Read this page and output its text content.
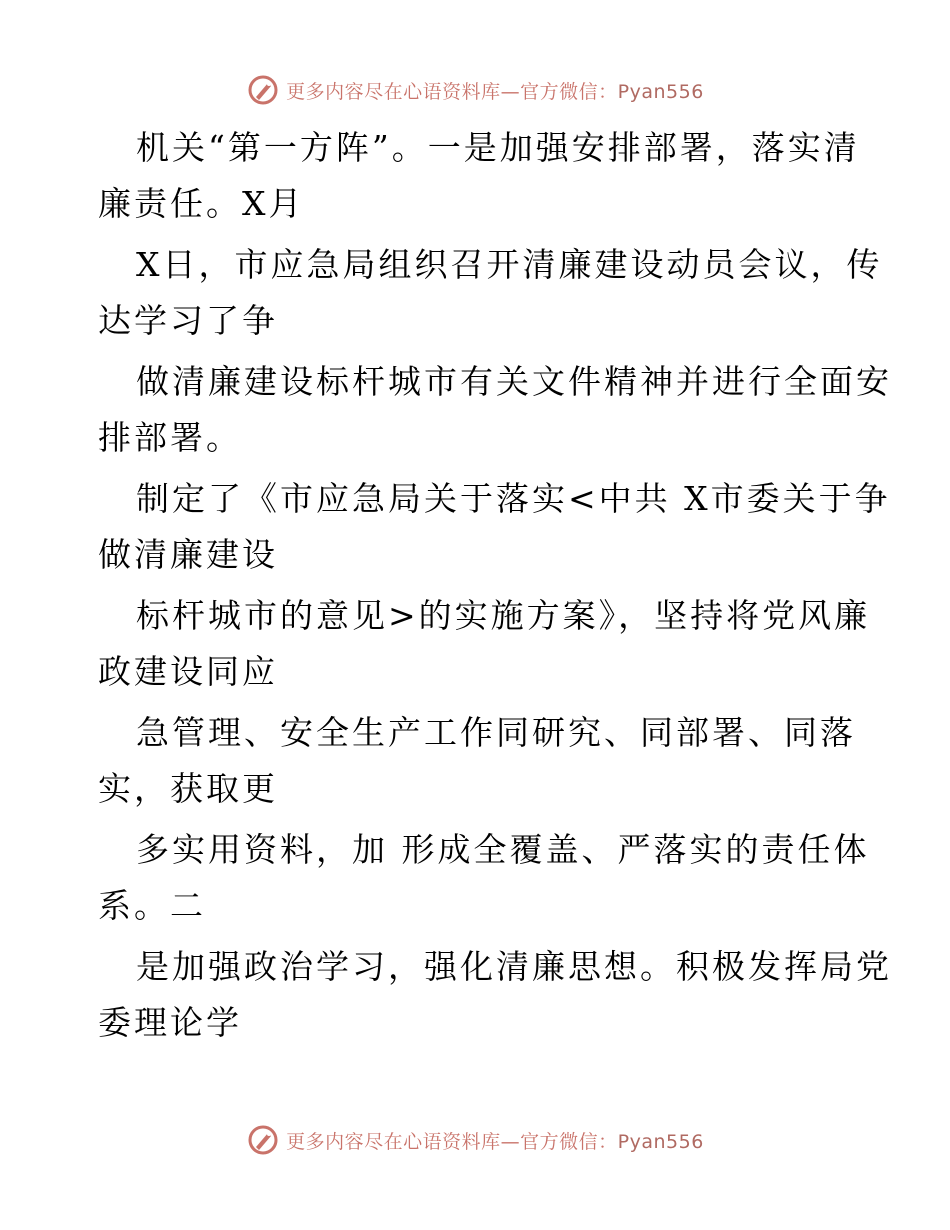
更多内容尽在心语资料库—官方微信：Pyan556
机关“第一方阵”。一是加强安排部署，落实清
廉责任。X月
X日，市应急局组织召开清廉建设动员会议，传
达学习了争
做清廉建设标杆城市有关文件精神并进行全面安
排部署。
制定了《市应急局关于落实<中共 X市委关于争
做清廉建设
标杆城市的意见>的实施方案》，坚持将党风廉
政建设同应
急管理、安全生产工作同研究、同部署、同落
实，获取更
多实用资料，加 形成全覆盖、严落实的责任体
系。二
是加强政治学习，强化清廉思想。积极发挥局党
委理论学
更多内容尽在心语资料库—官方微信：Pyan556
